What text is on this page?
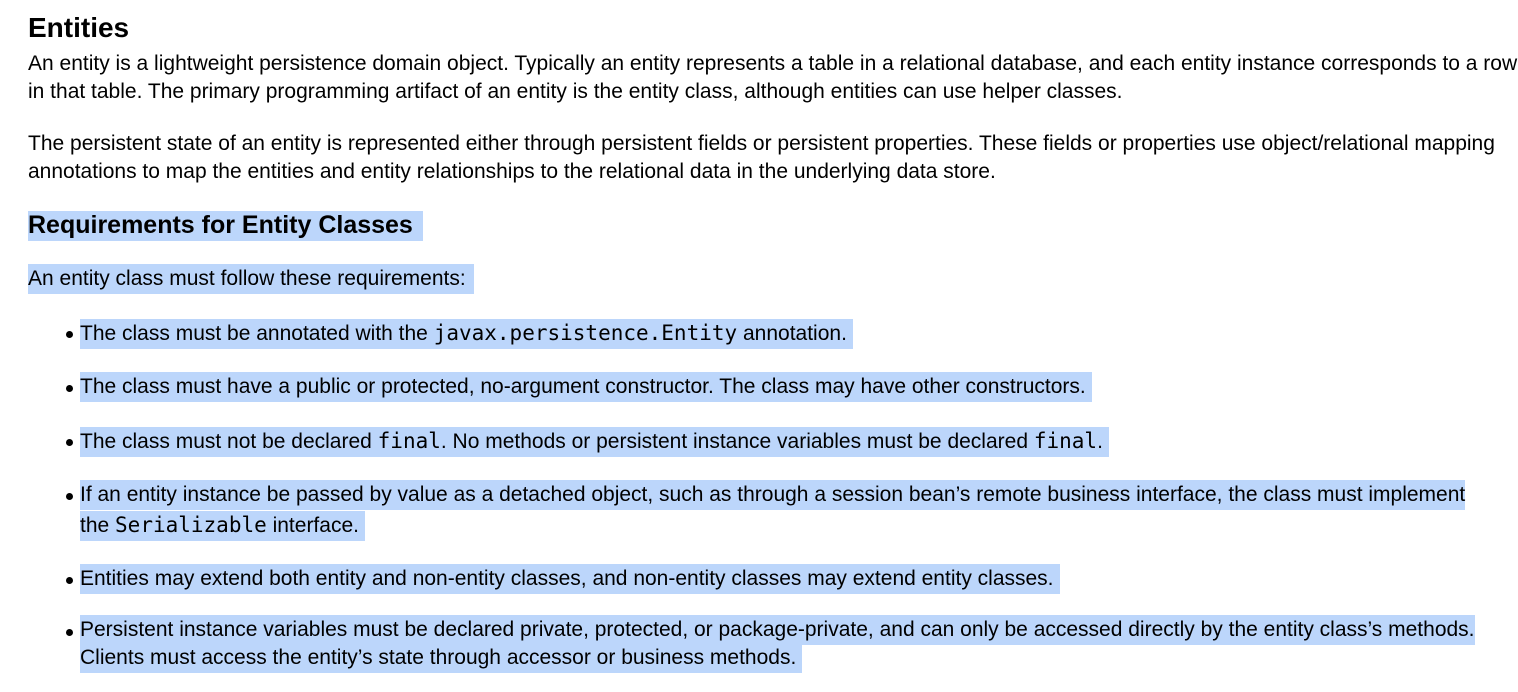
Entities

An entity is a lightweight persistence domain object. Typically an entity represents a table in a relational database, and each entity instance corresponds to a row in that table. The primary programming artifact of an entity is the entity class, although entities can use helper classes.

The persistent state of an entity is represented either through persistent fields or persistent properties. These fields or properties use object/relational mapping annotations to map the entities and entity relationships to the relational data in the underlying data store.

Requirements for Entity Classes

An entity class must follow these requirements:

The class must be annotated with the javax.persistence.Entity annotation.
The class must have a public or protected, no-argument constructor. The class may have other constructors.
The class must not be declared final. No methods or persistent instance variables must be declared final.
If an entity instance be passed by value as a detached object, such as through a session bean’s remote business interface, the class must implement the Serializable interface.
Entities may extend both entity and non-entity classes, and non-entity classes may extend entity classes.
Persistent instance variables must be declared private, protected, or package-private, and can only be accessed directly by the entity class’s methods. Clients must access the entity’s state through accessor or business methods.
